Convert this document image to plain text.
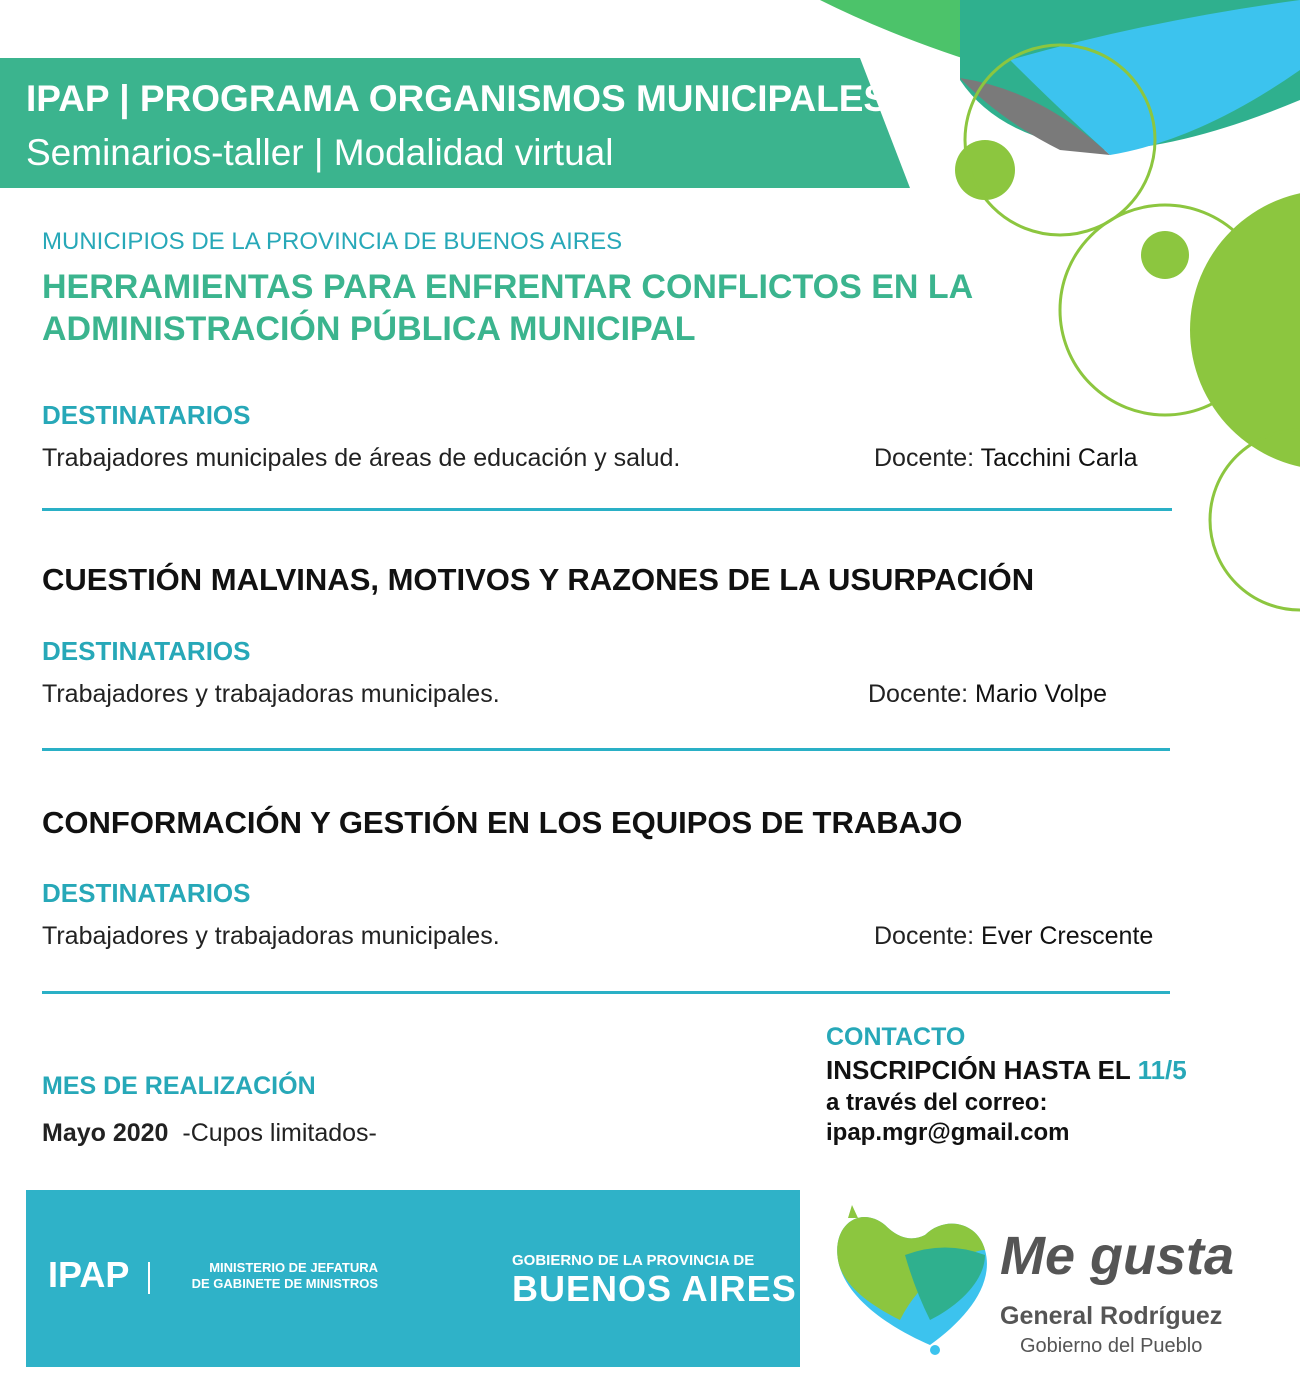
IPAP | PROGRAMA ORGANISMOS MUNICIPALES
Seminarios-taller | Modalidad virtual
MUNICIPIOS DE LA PROVINCIA DE BUENOS AIRES
HERRAMIENTAS PARA ENFRENTAR CONFLICTOS EN LA ADMINISTRACIÓN PÚBLICA MUNICIPAL
DESTINATARIOS
Trabajadores municipales de áreas de educación y salud.	Docente: Tacchini Carla
CUESTIÓN MALVINAS, MOTIVOS Y RAZONES DE LA USURPACIÓN
DESTINATARIOS
Trabajadores y trabajadoras municipales.	Docente: Mario Volpe
CONFORMACIÓN Y GESTIÓN EN LOS EQUIPOS DE TRABAJO
DESTINATARIOS
Trabajadores y trabajadoras municipales.	Docente: Ever Crescente
MES DE REALIZACIÓN
Mayo 2020 -Cupos limitados-
CONTACTO
INSCRIPCIÓN HASTA EL 11/5
a través del correo:
ipap.mgr@gmail.com
IPAP	MINISTERIO DE JEFATURA
DE GABINETE DE MINISTROS
GOBIERNO DE LA PROVINCIA DE
BUENOS AIRES
Me gusta
General Rodríguez
Gobierno del Pueblo
